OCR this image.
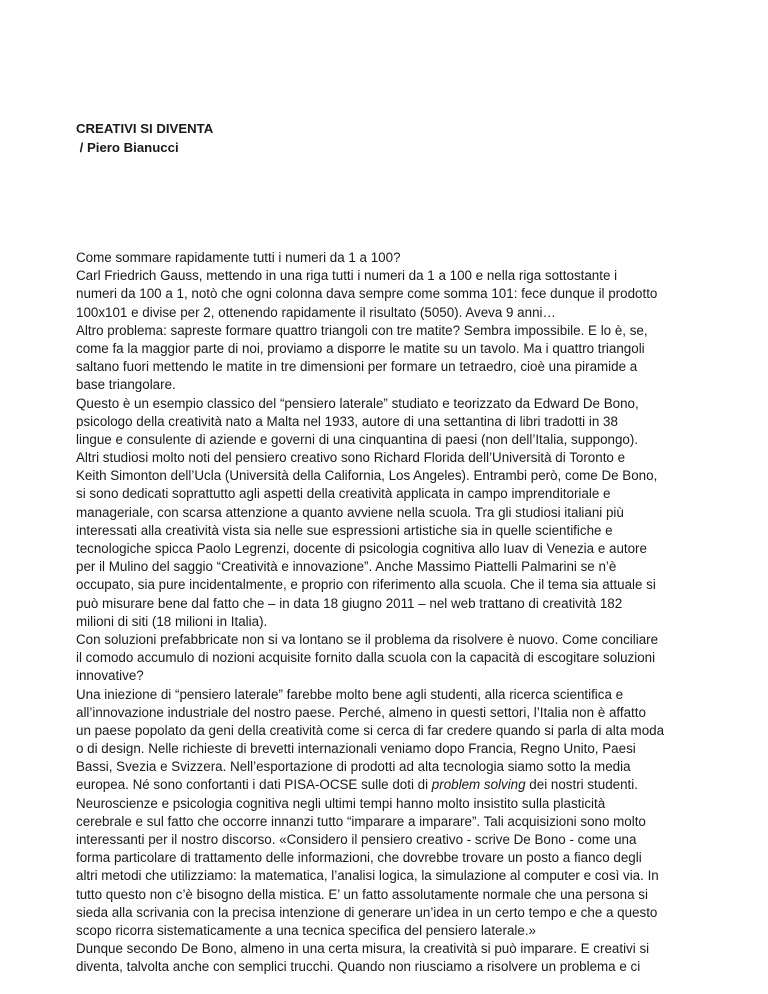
CREATIVI SI DIVENTA
/ Piero Bianucci
Come sommare rapidamente tutti i numeri da 1 a 100?
Carl Friedrich Gauss, mettendo in una riga tutti i numeri da 1 a 100 e nella riga sottostante i
numeri da 100 a 1, notò che ogni colonna dava sempre come somma 101: fece dunque il prodotto
100x101 e divise per 2, ottenendo rapidamente il risultato (5050). Aveva 9 anni…
Altro problema: sapreste formare quattro triangoli con tre matite? Sembra impossibile. E lo è, se,
come fa la maggior parte di noi, proviamo a disporre le matite su un tavolo. Ma i quattro triangoli
saltano fuori mettendo le matite in tre dimensioni per formare un tetraedro, cioè una piramide a
base triangolare.
Questo è un esempio classico del “pensiero laterale” studiato e teorizzato da Edward De Bono,
psicologo della creatività nato a Malta nel 1933, autore di una settantina di libri tradotti in 38
lingue e consulente di aziende e governi di una cinquantina di paesi (non dell’Italia, suppongo).
Altri studiosi molto noti del pensiero creativo sono Richard Florida dell’Università di Toronto e
Keith Simonton dell’Ucla (Università della California, Los Angeles). Entrambi però, come De Bono,
si sono dedicati soprattutto agli aspetti della creatività applicata in campo imprenditoriale e
manageriale, con scarsa attenzione a quanto avviene nella scuola. Tra gli studiosi italiani più
interessati alla creatività vista sia nelle sue espressioni artistiche sia in quelle scientifiche e
tecnologiche spicca Paolo Legrenzi, docente di psicologia cognitiva allo Iuav di Venezia e autore
per il Mulino del saggio “Creatività e innovazione”. Anche Massimo Piattelli Palmarini se n’è
occupato, sia pure incidentalmente, e proprio con riferimento alla scuola. Che il tema sia attuale si
può misurare bene dal fatto che – in data 18 giugno 2011 – nel web trattano di creatività 182
milioni di siti (18 milioni in Italia).
Con soluzioni prefabbricate non si va lontano se il problema da risolvere è nuovo. Come conciliare
il comodo accumulo di nozioni acquisite fornito dalla scuola con la capacità di escogitare soluzioni
innovative?
Una iniezione di “pensiero laterale” farebbe molto bene agli studenti, alla ricerca scientifica e
all’innovazione industriale del nostro paese. Perché, almeno in questi settori, l’Italia non è affatto
un paese popolato da geni della creatività come si cerca di far credere quando si parla di alta moda
o di design. Nelle richieste di brevetti internazionali veniamo dopo Francia, Regno Unito, Paesi
Bassi, Svezia e Svizzera. Nell’esportazione di prodotti ad alta tecnologia siamo sotto la media
europea. Né sono confortanti i dati PISA-OCSE sulle doti di problem solving dei nostri studenti.
Neuroscienze e psicologia cognitiva negli ultimi tempi hanno molto insistito sulla plasticità
cerebrale e sul fatto che occorre innanzi tutto “imparare a imparare”. Tali acquisizioni sono molto
interessanti per il nostro discorso. «Considero il pensiero creativo - scrive De Bono - come una
forma particolare di trattamento delle informazioni, che dovrebbe trovare un posto a fianco degli
altri metodi che utilizziamo: la matematica, l’analisi logica, la simulazione al computer e così via. In
tutto questo non c’è bisogno della mistica. E’ un fatto assolutamente normale che una persona si
sieda alla scrivania con la precisa intenzione di generare un’idea in un certo tempo e che a questo
scopo ricorra sistematicamente a una tecnica specifica del pensiero laterale.»
Dunque secondo De Bono, almeno in una certa misura, la creatività si può imparare. E creativi si
diventa, talvolta anche con semplici trucchi. Quando non riusciamo a risolvere un problema e ci
